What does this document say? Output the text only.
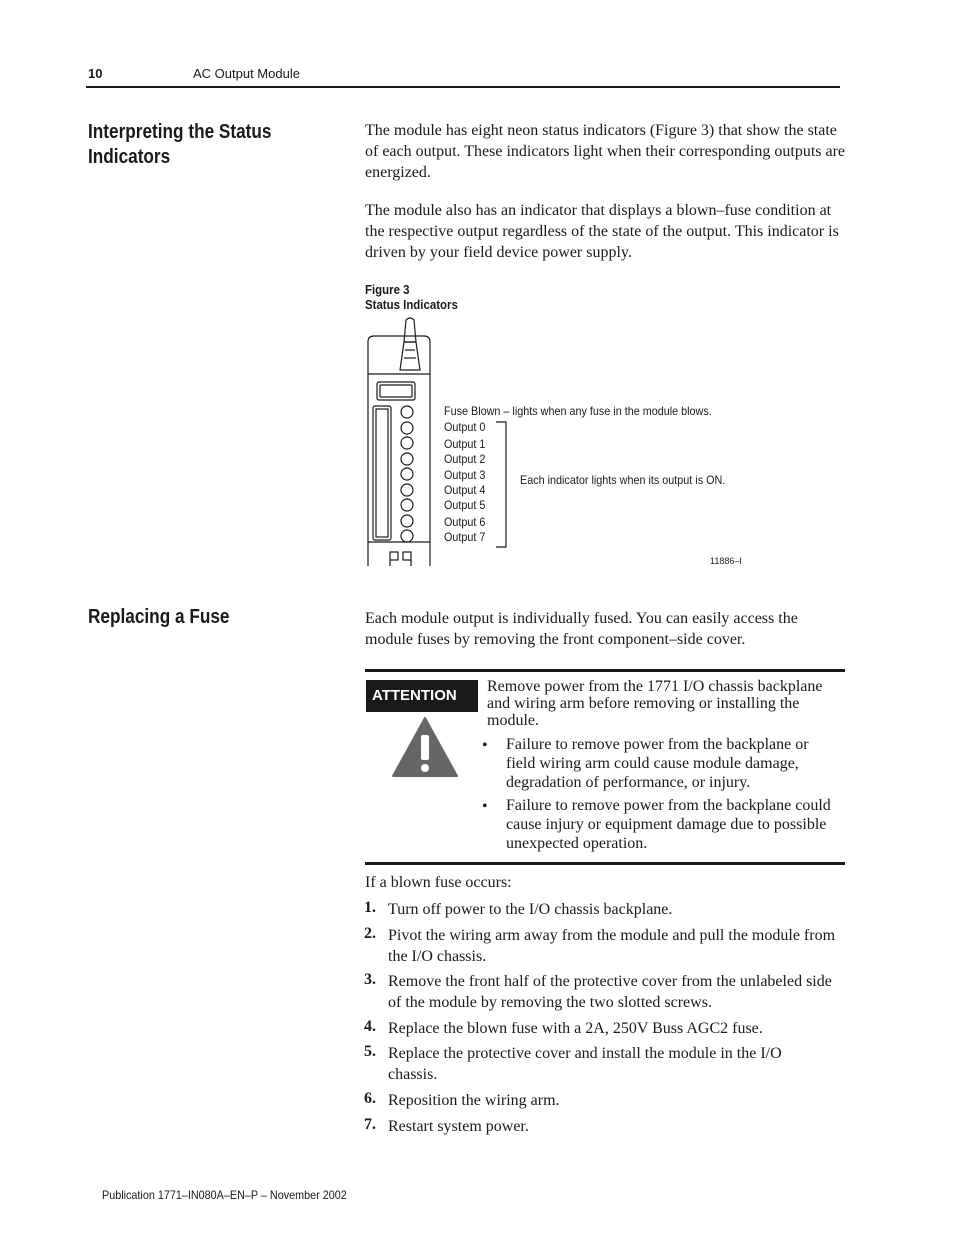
10	AC Output Module
Interpreting the Status
Indicators
The module has eight neon status indicators (Figure 3) that show the state of each output. These indicators light when their corresponding outputs are energized.
The module also has an indicator that displays a blown–fuse condition at the respective output regardless of the state of the output. This indicator is driven by your field device power supply.
Figure 3
Status Indicators
Fuse Blown – lights when any fuse in the module blows.
Output 0
Output 1
Output 2
Output 3
Output 4
Output 5
Output 6
Output 7
Each indicator lights when its output is ON.
11886–I
Replacing a Fuse	Each module output is individually fused. You can easily access the module fuses by removing the front component–side cover.
ATTENTION
Remove power from the 1771 I/O chassis backplane and wiring arm before removing or installing the module.
• Failure to remove power from the backplane or field wiring arm could cause module damage, degradation of performance, or injury.
• Failure to remove power from the backplane could cause injury or equipment damage due to possible unexpected operation.
If a blown fuse occurs:
1. Turn off power to the I/O chassis backplane.
2. Pivot the wiring arm away from the module and pull the module from the I/O chassis.
3. Remove the front half of the protective cover from the unlabeled side of the module by removing the two slotted screws.
4. Replace the blown fuse with a 2A, 250V Buss AGC2 fuse.
5. Replace the protective cover and install the module in the I/O chassis.
6. Reposition the wiring arm.
7. Restart system power.
Publication 1771–IN080A–EN–P – November 2002
